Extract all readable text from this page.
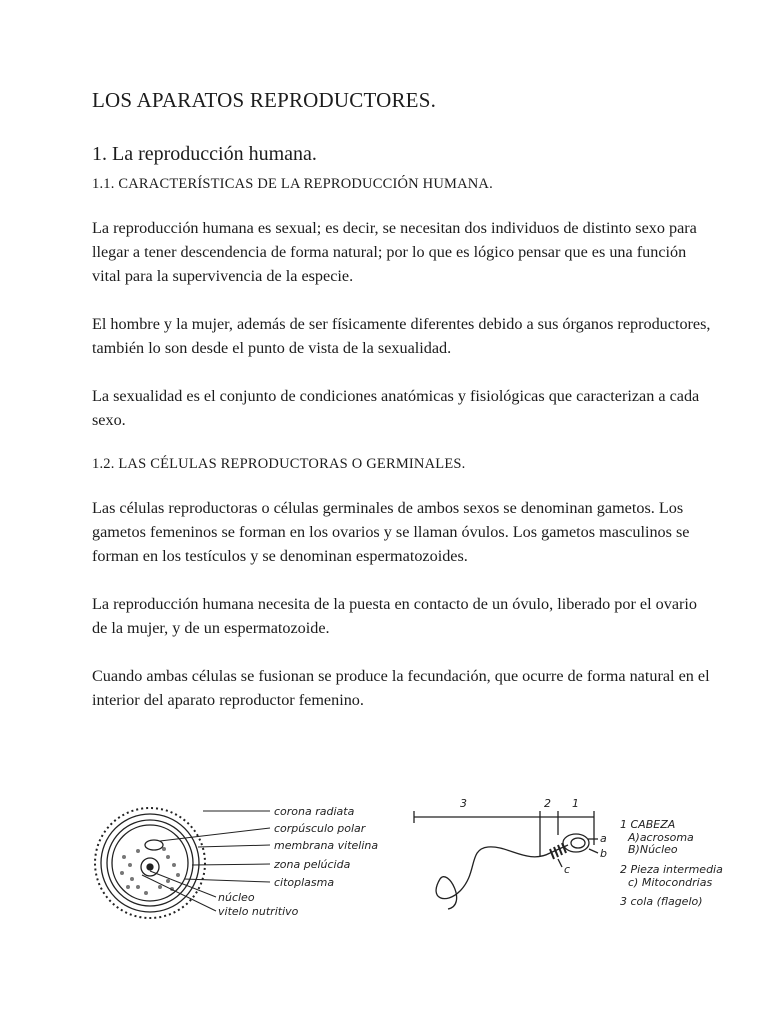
LOS APARATOS REPRODUCTORES.
1. La reproducción humana.
1.1. CARACTERÍSTICAS DE LA REPRODUCCIÓN HUMANA.

La reproducción humana es sexual; es decir, se necesitan dos individuos de distinto sexo para llegar a tener descendencia de forma natural; por lo que es lógico pensar que es una función vital para la supervivencia de la especie.

El hombre y la mujer, además de ser físicamente diferentes debido a sus órganos reproductores, también lo son desde el punto de vista de la sexualidad.

La sexualidad es el conjunto de condiciones anatómicas y fisiológicas que caracterizan a cada sexo.

1.2. LAS CÉLULAS REPRODUCTORAS O GERMINALES.

Las células reproductoras o células germinales de ambos sexos se denominan gametos. Los gametos femeninos se forman en los ovarios y se llaman óvulos. Los gametos masculinos se forman en los testículos y se denominan espermatozoides.

La reproducción humana necesita de la puesta en contacto de un óvulo, liberado por el ovario de la mujer, y de un espermatozoide.

Cuando ambas células se fusionan se produce la fecundación, que ocurre de forma natural en el interior del aparato reproductor femenino.

corona radiata
corpúsculo polar
membrana vitelina
zona pelúcida
citoplasma
núcleo
vitelo nutritivo
3	2 1
a
b
c
1 CABEZA
A)acrosoma
B)Núcleo
2 Pieza intermedia
c) Mitocondrias
3 cola (flagelo)
